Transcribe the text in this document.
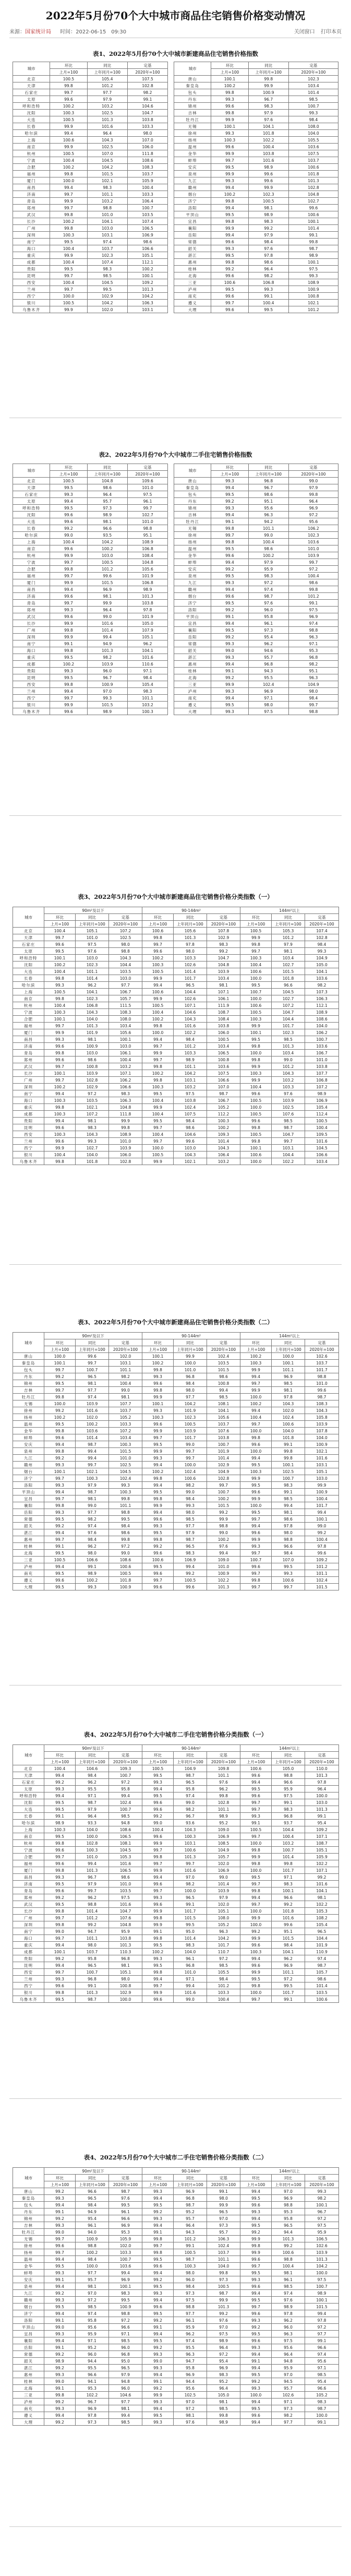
2022年5月份70个大中城市商品住宅销售价格变动情况
来源：国家统计局 时间：2022-06-15　09:30	关闭窗口 打印本页
表1、2022年5月份70个大中城市新建商品住宅销售价格指数
城市	环比	同比	定基		城市	环比	同比	定基
	上月=100	上年同月=100	2020年=100			上月=100	上年同月=100	2020年=100
北京	100.5	105.4	107.5		唐山	100.1	99.8	102.3
天津	99.8	101.2	102.8		秦皇岛	100.2	99.9	103.4
石家庄	99.7	97.7	98.2		包头	99.8	100.9	101.4
太原	99.6	97.9	99.1		丹东	99.3	96.7	98.5
呼和浩特	100.2	103.2	104.6		锦州	99.6	98.3	100.7
沈阳	100.3	102.5	104.7		吉林	99.8	97.9	99.3
大连	100.5	101.3	103.8		牡丹江	99.9	97.6	98.4
长春	99.9	101.6	103.3		无锡	100.1	104.1	108.0
哈尔滨	99.4	96.4	98.0		徐州	99.3	101.8	104.0
上海	100.6	104.3	107.0		扬州	100.3	102.2	105.5
南京	99.9	102.5	106.0		温州	99.6	100.4	103.6
杭州	100.5	107.0	111.8		金华	99.9	103.8	107.5
宁波	100.4	104.5	108.6		蚌埠	99.7	101.6	103.7
合肥	100.2	104.2	108.3		安庆	99.5	98.9	100.6
福州	99.8	101.5	103.7		泉州	99.9	99.6	101.8
厦门	100.0	102.1	105.9		九江	99.3	99.6	101.3
南昌	99.4	98.3	100.4		赣州	99.4	99.9	102.8
济南	99.7	101.1	103.3		烟台	100.2	102.3	104.8
青岛	99.9	103.2	106.4		济宁	99.8	100.5	102.7
郑州	99.7	98.8	100.7		洛阳	99.4	98.1	99.6
武汉	99.8	101.0	103.5		平顶山	99.5	98.9	100.6
长沙	100.2	104.1	107.4		宜昌	99.8	98.3	100.1
广州	99.8	103.0	106.5		襄阳	99.9	99.2	101.4
深圳	100.3	103.1	106.9		岳阳	99.4	97.9	99.1
南宁	99.5	97.4	98.6		常德	99.6	98.4	99.8
海口	100.4	103.7	106.6		韶关	99.3	97.6	98.7
重庆	99.9	102.3	105.1		湛江	99.5	97.8	98.9
成都	100.4	107.4	112.1		惠州	99.8	98.6	100.1
贵阳	99.5	98.3	100.2		桂林	99.2	96.4	97.5
昆明	99.7	98.5	100.1		北海	99.6	98.2	99.3
西安	100.4	104.5	109.2		三亚	100.6	106.8	108.9
兰州	99.7	99.5	101.3		泸州	99.5	99.3	100.9
西宁	100.0	102.9	104.2		南充	99.6	99.1	100.8
银川	100.5	104.2	106.3		遵义	99.7	100.4	102.1
乌鲁木齐	99.9	102.0	103.1		大理	99.6	99.5	101.2
表2、2022年5月份70个大中城市二手住宅销售价格指数
城市	环比	同比	定基		城市	环比	同比	定基
	上月=100	上年同月=100	2020年=100			上月=100	上年同月=100	2020年=100
北京	100.5	104.8	109.6		唐山	99.3	96.8	99.0
天津	99.5	98.6	101.0		秦皇岛	99.4	96.7	97.9
石家庄	99.3	96.4	97.5		包头	99.5	98.6	99.8
太原	99.4	95.7	96.1		丹东	99.2	95.1	96.4
呼和浩特	99.5	97.3	99.7		锦州	99.3	95.6	96.9
沈阳	99.6	98.9	102.7		吉林	99.4	96.3	97.2
大连	99.6	98.1	101.0		牡丹江	99.1	94.2	95.6
长春	99.2	96.6	98.8		无锡	99.8	101.1	106.2
哈尔滨	99.0	93.5	95.1		徐州	99.7	99.0	102.3
上海	100.4	104.2	108.9		扬州	99.8	100.4	103.6
南京	99.6	100.2	106.8		温州	99.5	98.6	101.0
杭州	99.9	103.0	108.4		金华	99.6	100.2	103.9
宁波	99.7	100.5	104.8		蚌埠	99.4	97.9	99.7
合肥	99.8	101.2	105.6		安庆	99.2	95.9	97.2
福州	99.7	99.6	101.9		泉州	99.5	98.3	100.4
厦门	99.9	101.5	106.8		九江	99.3	97.2	98.6
南昌	99.4	96.9	98.9		赣州	99.4	97.4	99.8
济南	99.6	98.1	101.3		烟台	99.6	98.7	101.2
青岛	99.7	99.9	103.8		济宁	99.5	97.6	99.1
郑州	99.3	96.4	97.8		洛阳	99.2	96.0	97.5
武汉	99.6	99.0	101.9		平顶山	99.1	95.8	96.9
长沙	99.9	101.6	105.0		宜昌	99.4	96.1	97.4
广州	99.8	101.4	107.9		襄阳	99.5	97.3	98.8
深圳	99.9	99.4	105.1		岳阳	99.2	95.4	96.3
南宁	99.1	94.9	96.2		常德	99.3	96.2	97.1
海口	99.8	101.3	104.1		韶关	99.0	94.6	95.3
重庆	99.5	98.2	101.6		湛江	99.3	95.7	96.8
成都	100.2	103.9	110.6		惠州	99.4	96.8	98.2
贵阳	99.3	96.0	97.1		桂林	99.1	94.3	95.1
昆明	99.5	96.7	98.4		北海	99.2	95.5	96.3
西安	99.8	100.9	105.4		三亚	99.9	102.4	104.9
兰州	99.4	97.0	98.3		泸州	99.3	96.9	98.0
西宁	99.7	99.3	101.1		南充	99.4	97.1	98.4
银川	99.9	101.5	103.2		遵义	99.5	98.0	99.7
乌鲁木齐	99.6	98.9	100.3		大理	99.3	97.5	98.8
表3、2022年5月份70个大中城市新建商品住宅销售价格分类指数（一）
城市	90m²及以下			90-144m²			144m²以上		
	环比	同比	定基	环比	同比	定基	环比	同比	定基
	上月=100	上年同月=100	2020年=100	上月=100	上年同月=100	2020年=100	上月=100	上年同月=100	2020年=100
北京	100.4	105.1	107.2	100.6	105.6	107.8	100.5	105.3	107.4
天津	99.7	101.0	102.5	99.8	101.3	102.9	99.9	101.2	102.8
石家庄	99.6	97.5	98.0	99.7	97.8	98.3	99.8	97.9	98.4
太原	99.5	97.6	98.8	99.6	98.0	99.2	99.7	98.1	99.3
呼和浩特	100.1	103.0	104.3	100.2	103.3	104.7	100.3	103.4	104.9
沈阳	100.2	102.3	104.4	100.3	102.6	104.8	100.4	102.7	105.0
大连	100.4	101.1	103.5	100.5	101.4	103.9	100.6	101.5	104.1
长春	99.8	101.4	103.0	99.9	101.7	103.4	100.0	101.8	103.6
哈尔滨	99.3	96.2	97.7	99.4	96.5	98.1	99.5	96.6	98.2
上海	100.5	104.1	106.7	100.6	104.4	107.1	100.7	104.5	107.3
南京	99.8	102.3	105.7	99.9	102.6	106.1	100.0	102.7	106.3
杭州	100.4	106.8	111.5	100.5	107.1	111.9	100.6	107.2	112.1
宁波	100.3	104.3	108.3	100.4	104.6	108.7	100.5	104.7	108.9
合肥	100.1	104.0	108.0	100.2	104.3	108.4	100.3	104.4	108.6
福州	99.7	101.3	103.4	99.8	101.6	103.8	99.9	101.7	104.0
厦门	99.9	101.9	105.6	100.0	102.2	106.0	100.1	102.3	106.2
南昌	99.3	98.1	100.1	99.4	98.4	100.5	99.5	98.5	100.7
济南	99.6	100.9	103.0	99.7	101.2	103.4	99.8	101.3	103.6
青岛	99.8	103.0	106.1	99.9	103.3	106.5	100.0	103.4	106.7
郑州	99.6	98.6	100.4	99.7	98.9	100.8	99.8	99.0	101.0
武汉	99.7	100.8	103.2	99.8	101.1	103.6	99.9	101.2	103.8
长沙	100.1	103.9	107.1	100.2	104.2	107.5	100.3	104.3	107.7
广州	99.7	102.8	106.2	99.8	103.1	106.6	99.9	103.2	106.8
深圳	100.2	102.9	106.6	100.3	103.2	107.0	100.4	103.3	107.2
南宁	99.4	97.2	98.3	99.5	97.5	98.7	99.6	97.6	98.9
海口	100.3	103.5	106.3	100.4	103.8	106.7	100.5	103.9	106.9
重庆	99.8	102.1	104.8	99.9	102.4	105.2	100.0	102.5	105.4
成都	100.3	107.2	111.8	100.4	107.5	112.2	100.5	107.6	112.4
贵阳	99.4	98.1	99.9	99.5	98.4	100.3	99.6	98.5	100.5
昆明	99.6	98.3	99.8	99.7	98.6	100.2	99.8	98.7	100.4
西安	100.3	104.3	108.9	100.4	104.6	109.3	100.5	104.7	109.5
兰州	99.6	99.3	101.0	99.7	99.6	101.4	99.8	99.7	101.6
西宁	99.9	102.7	103.9	100.0	103.0	104.3	100.1	103.1	104.5
银川	100.4	104.0	106.0	100.5	104.3	106.4	100.6	104.4	106.6
乌鲁木齐	99.8	101.8	102.8	99.9	102.1	103.2	100.0	102.2	103.4
表3、2022年5月份70个大中城市新建商品住宅销售价格分类指数（二）
城市	90m²及以下			90-144m²			144m²以上		
	环比	同比	定基	环比	同比	定基	环比	同比	定基
	上月=100	上年同月=100	2020年=100	上月=100	上年同月=100	2020年=100	上月=100	上年同月=100	2020年=100
唐山	100.0	99.6	102.0	100.1	99.9	102.4	100.2	100.0	102.6
秦皇岛	100.1	99.7	103.1	100.2	100.0	103.5	100.3	100.1	103.7
包头	99.7	100.7	101.1	99.8	101.0	101.5	99.9	101.1	101.7
丹东	99.2	96.5	98.2	99.3	96.8	98.6	99.4	96.9	98.8
锦州	99.5	98.1	100.4	99.6	98.4	100.8	99.7	98.5	101.0
吉林	99.7	97.7	99.0	99.8	98.0	99.4	99.9	98.1	99.6
牡丹江	99.8	97.4	98.1	99.9	97.7	98.5	100.0	97.8	98.7
无锡	100.0	103.9	107.7	100.1	104.2	108.1	100.2	104.3	108.3
徐州	99.2	101.6	103.7	99.3	101.9	104.1	99.4	102.0	104.3
扬州	100.2	102.0	105.2	100.3	102.3	105.6	100.4	102.4	105.8
温州	99.5	100.2	103.3	99.6	100.5	103.7	99.7	100.6	103.9
金华	99.8	103.6	107.2	99.9	103.9	107.6	100.0	104.0	107.8
蚌埠	99.6	101.4	103.4	99.7	101.7	103.8	99.8	101.8	104.0
安庆	99.4	98.7	100.3	99.5	99.0	100.7	99.6	99.1	100.9
泉州	99.8	99.4	101.5	99.9	99.7	101.9	100.0	99.8	102.1
九江	99.2	99.4	101.0	99.3	99.7	101.4	99.4	99.8	101.6
赣州	99.3	99.7	102.5	99.4	100.0	102.9	99.5	100.1	103.1
烟台	100.1	102.1	104.5	100.2	102.4	104.9	100.3	102.5	105.1
济宁	99.7	100.3	102.4	99.8	100.6	102.8	99.9	100.7	103.0
洛阳	99.3	97.9	99.3	99.4	98.2	99.7	99.5	98.3	99.9
平顶山	99.4	98.7	100.3	99.5	99.0	100.7	99.6	99.1	100.9
宜昌	99.7	98.1	99.8	99.8	98.4	100.2	99.9	98.5	100.4
襄阳	99.8	99.0	101.1	99.9	99.3	101.5	100.0	99.4	101.7
岳阳	99.3	97.7	98.8	99.4	98.0	99.2	99.5	98.1	99.4
常德	99.5	98.2	99.5	99.6	98.5	99.9	99.7	98.6	100.1
韶关	99.2	97.4	98.4	99.3	97.7	98.8	99.4	97.8	99.0
湛江	99.4	97.6	98.6	99.5	97.9	99.0	99.6	98.0	99.2
惠州	99.7	98.4	99.8	99.8	98.7	100.2	99.9	98.8	100.4
桂林	99.1	96.2	97.2	99.2	96.5	97.6	99.3	96.6	97.8
北海	99.5	98.0	99.0	99.6	98.3	99.4	99.7	98.4	99.6
三亚	100.5	106.6	108.6	100.6	106.9	109.0	100.7	107.0	109.2
泸州	99.4	99.1	100.6	99.5	99.4	101.0	99.6	99.5	101.2
南充	99.5	98.9	100.5	99.6	99.2	100.9	99.7	99.3	101.1
遵义	99.6	100.2	101.8	99.7	100.5	102.2	99.8	100.6	102.4
大理	99.5	99.3	100.9	99.6	99.6	101.3	99.7	99.7	101.5
表4、2022年5月份70个大中城市二手住宅销售价格分类指数（一）
城市	90m²及以下			90-144m²			144m²以上		
	环比	同比	定基	环比	同比	定基	环比	同比	定基
	上月=100	上年同月=100	2020年=100	上月=100	上年同月=100	2020年=100	上月=100	上年同月=100	2020年=100
北京	100.4	104.6	109.3	100.5	104.9	109.8	100.6	105.0	110.0
天津	99.4	98.4	100.7	99.5	98.7	101.1	99.6	98.8	101.3
石家庄	99.2	96.2	97.2	99.3	96.5	97.6	99.4	96.6	97.8
太原	99.3	95.5	95.8	99.4	95.8	96.2	99.5	95.9	96.4
呼和浩特	99.4	97.1	99.4	99.5	97.4	99.8	99.6	97.5	100.0
沈阳	99.5	98.7	102.4	99.6	99.0	102.8	99.7	99.1	103.0
大连	99.5	97.9	100.7	99.6	98.2	101.1	99.7	98.3	101.3
长春	99.1	96.4	98.5	99.2	96.7	98.9	99.3	96.8	99.1
哈尔滨	98.9	93.3	94.8	99.0	93.6	95.2	99.1	93.7	95.4
上海	100.3	104.0	108.6	100.4	104.3	109.0	100.5	104.4	109.2
南京	99.5	100.0	106.5	99.6	100.3	106.9	99.7	100.4	107.1
杭州	99.8	102.8	108.1	99.9	103.1	108.5	100.0	103.2	108.7
宁波	99.6	100.3	104.5	99.7	100.6	104.9	99.8	100.7	105.1
合肥	99.7	101.0	105.3	99.8	101.3	105.7	99.9	101.4	105.9
福州	99.6	99.4	101.6	99.7	99.7	102.0	99.8	99.8	102.2
厦门	99.8	101.3	106.5	99.9	101.6	106.9	100.0	101.7	107.1
南昌	99.3	96.7	98.6	99.4	97.0	99.0	99.5	97.1	99.2
济南	99.5	97.9	101.0	99.6	98.2	101.4	99.7	98.3	101.6
青岛	99.6	99.7	103.5	99.7	100.0	103.9	99.8	100.1	104.1
郑州	99.2	96.2	97.5	99.3	96.5	97.9	99.4	96.6	98.1
武汉	99.5	98.8	101.6	99.6	99.1	102.0	99.7	99.2	102.2
长沙	99.8	101.4	104.7	99.9	101.7	105.1	100.0	101.8	105.3
广州	99.7	101.2	107.6	99.8	101.5	108.0	99.9	101.6	108.2
深圳	99.8	99.2	104.8	99.9	99.5	105.2	100.0	99.6	105.4
南宁	99.0	94.7	95.9	99.1	95.0	96.3	99.2	95.1	96.5
海口	99.7	101.1	103.8	99.8	101.4	104.2	99.9	101.5	104.4
重庆	99.4	98.0	101.3	99.5	98.3	101.7	99.6	98.4	101.9
成都	100.1	103.7	110.3	100.2	104.0	110.7	100.3	104.1	110.9
贵阳	99.2	95.8	96.8	99.3	96.1	97.2	99.4	96.2	97.4
昆明	99.4	96.5	98.1	99.5	96.8	98.5	99.6	96.9	98.7
西安	99.7	100.7	105.1	99.8	101.0	105.5	99.9	101.1	105.7
兰州	99.3	96.8	98.0	99.4	97.1	98.4	99.5	97.2	98.6
西宁	99.6	99.1	100.8	99.7	99.4	101.2	99.8	99.5	101.4
银川	99.8	101.3	102.9	99.9	101.6	103.3	100.0	101.7	103.5
乌鲁木齐	99.5	98.7	100.0	99.6	99.0	100.4	99.7	99.1	100.6
表4、2022年5月份70个大中城市二手住宅销售价格分类指数（二）
城市	90m²及以下			90-144m²			144m²以上		
	环比	同比	定基	环比	同比	定基	环比	同比	定基
	上月=100	上年同月=100	2020年=100	上月=100	上年同月=100	2020年=100	上月=100	上年同月=100	2020年=100
唐山	99.2	96.6	98.7	99.3	96.9	99.1	99.4	97.0	99.3
秦皇岛	99.3	96.5	97.6	99.4	96.8	98.0	99.5	96.9	98.2
包头	99.4	98.4	99.5	99.5	98.7	99.9	99.6	98.8	100.1
丹东	99.1	94.9	96.1	99.2	95.2	96.5	99.3	95.3	96.7
锦州	99.2	95.4	96.6	99.3	95.7	97.0	99.4	95.8	97.2
吉林	99.3	96.1	96.9	99.4	96.4	97.3	99.5	96.5	97.5
牡丹江	99.0	94.0	95.3	99.1	94.3	95.7	99.2	94.4	95.9
无锡	99.7	100.9	105.9	99.8	101.2	106.3	99.9	101.3	106.5
徐州	99.6	98.8	102.0	99.7	99.1	102.4	99.8	99.2	102.6
扬州	99.7	100.2	103.3	99.8	100.5	103.7	99.9	100.6	103.9
温州	99.4	98.4	100.7	99.5	98.7	101.1	99.6	98.8	101.3
金华	99.5	100.0	103.6	99.6	100.3	104.0	99.7	100.4	104.2
蚌埠	99.3	97.7	99.4	99.4	98.0	99.8	99.5	98.1	100.0
安庆	99.1	95.7	96.9	99.2	96.0	97.3	99.3	96.1	97.5
泉州	99.4	98.1	100.1	99.5	98.4	100.5	99.6	98.5	100.7
九江	99.2	97.0	98.3	99.3	97.3	98.7	99.4	97.4	98.9
赣州	99.3	97.2	99.5	99.4	97.5	99.9	99.5	97.6	100.1
烟台	99.5	98.5	100.9	99.6	98.8	101.3	99.7	98.9	101.5
济宁	99.4	97.4	98.8	99.5	97.7	99.2	99.6	97.8	99.4
洛阳	99.1	95.8	97.2	99.2	96.1	97.6	99.3	96.2	97.8
平顶山	99.0	95.6	96.6	99.1	95.9	97.0	99.2	96.0	97.2
宜昌	99.3	95.9	97.1	99.4	96.2	97.5	99.5	96.3	97.7
襄阳	99.4	97.1	98.5	99.5	97.4	98.9	99.6	97.5	99.1
岳阳	99.1	95.2	96.0	99.2	95.5	96.4	99.3	95.6	96.6
常德	99.2	96.0	96.8	99.3	96.3	97.2	99.4	96.4	97.4
韶关	98.9	94.4	95.0	99.0	94.7	95.4	99.1	94.8	95.6
湛江	99.2	95.5	96.5	99.3	95.8	96.9	99.4	95.9	97.1
惠州	99.3	96.6	97.9	99.4	96.9	98.3	99.5	97.0	98.5
桂林	99.0	94.1	94.8	99.1	94.4	95.2	99.2	94.5	95.4
北海	99.1	95.3	96.0	99.2	95.6	96.4	99.3	95.7	96.6
三亚	99.8	102.2	104.6	99.9	102.5	105.0	100.0	102.6	105.2
泸州	99.2	96.7	97.7	99.3	97.0	98.1	99.4	97.1	98.3
南充	99.3	96.9	98.1	99.4	97.2	98.5	99.5	97.3	98.7
遵义	99.4	97.8	99.4	99.5	98.1	99.8	99.6	98.2	100.0
大理	99.2	97.3	98.5	99.3	97.6	98.9	99.4	97.7	99.1
